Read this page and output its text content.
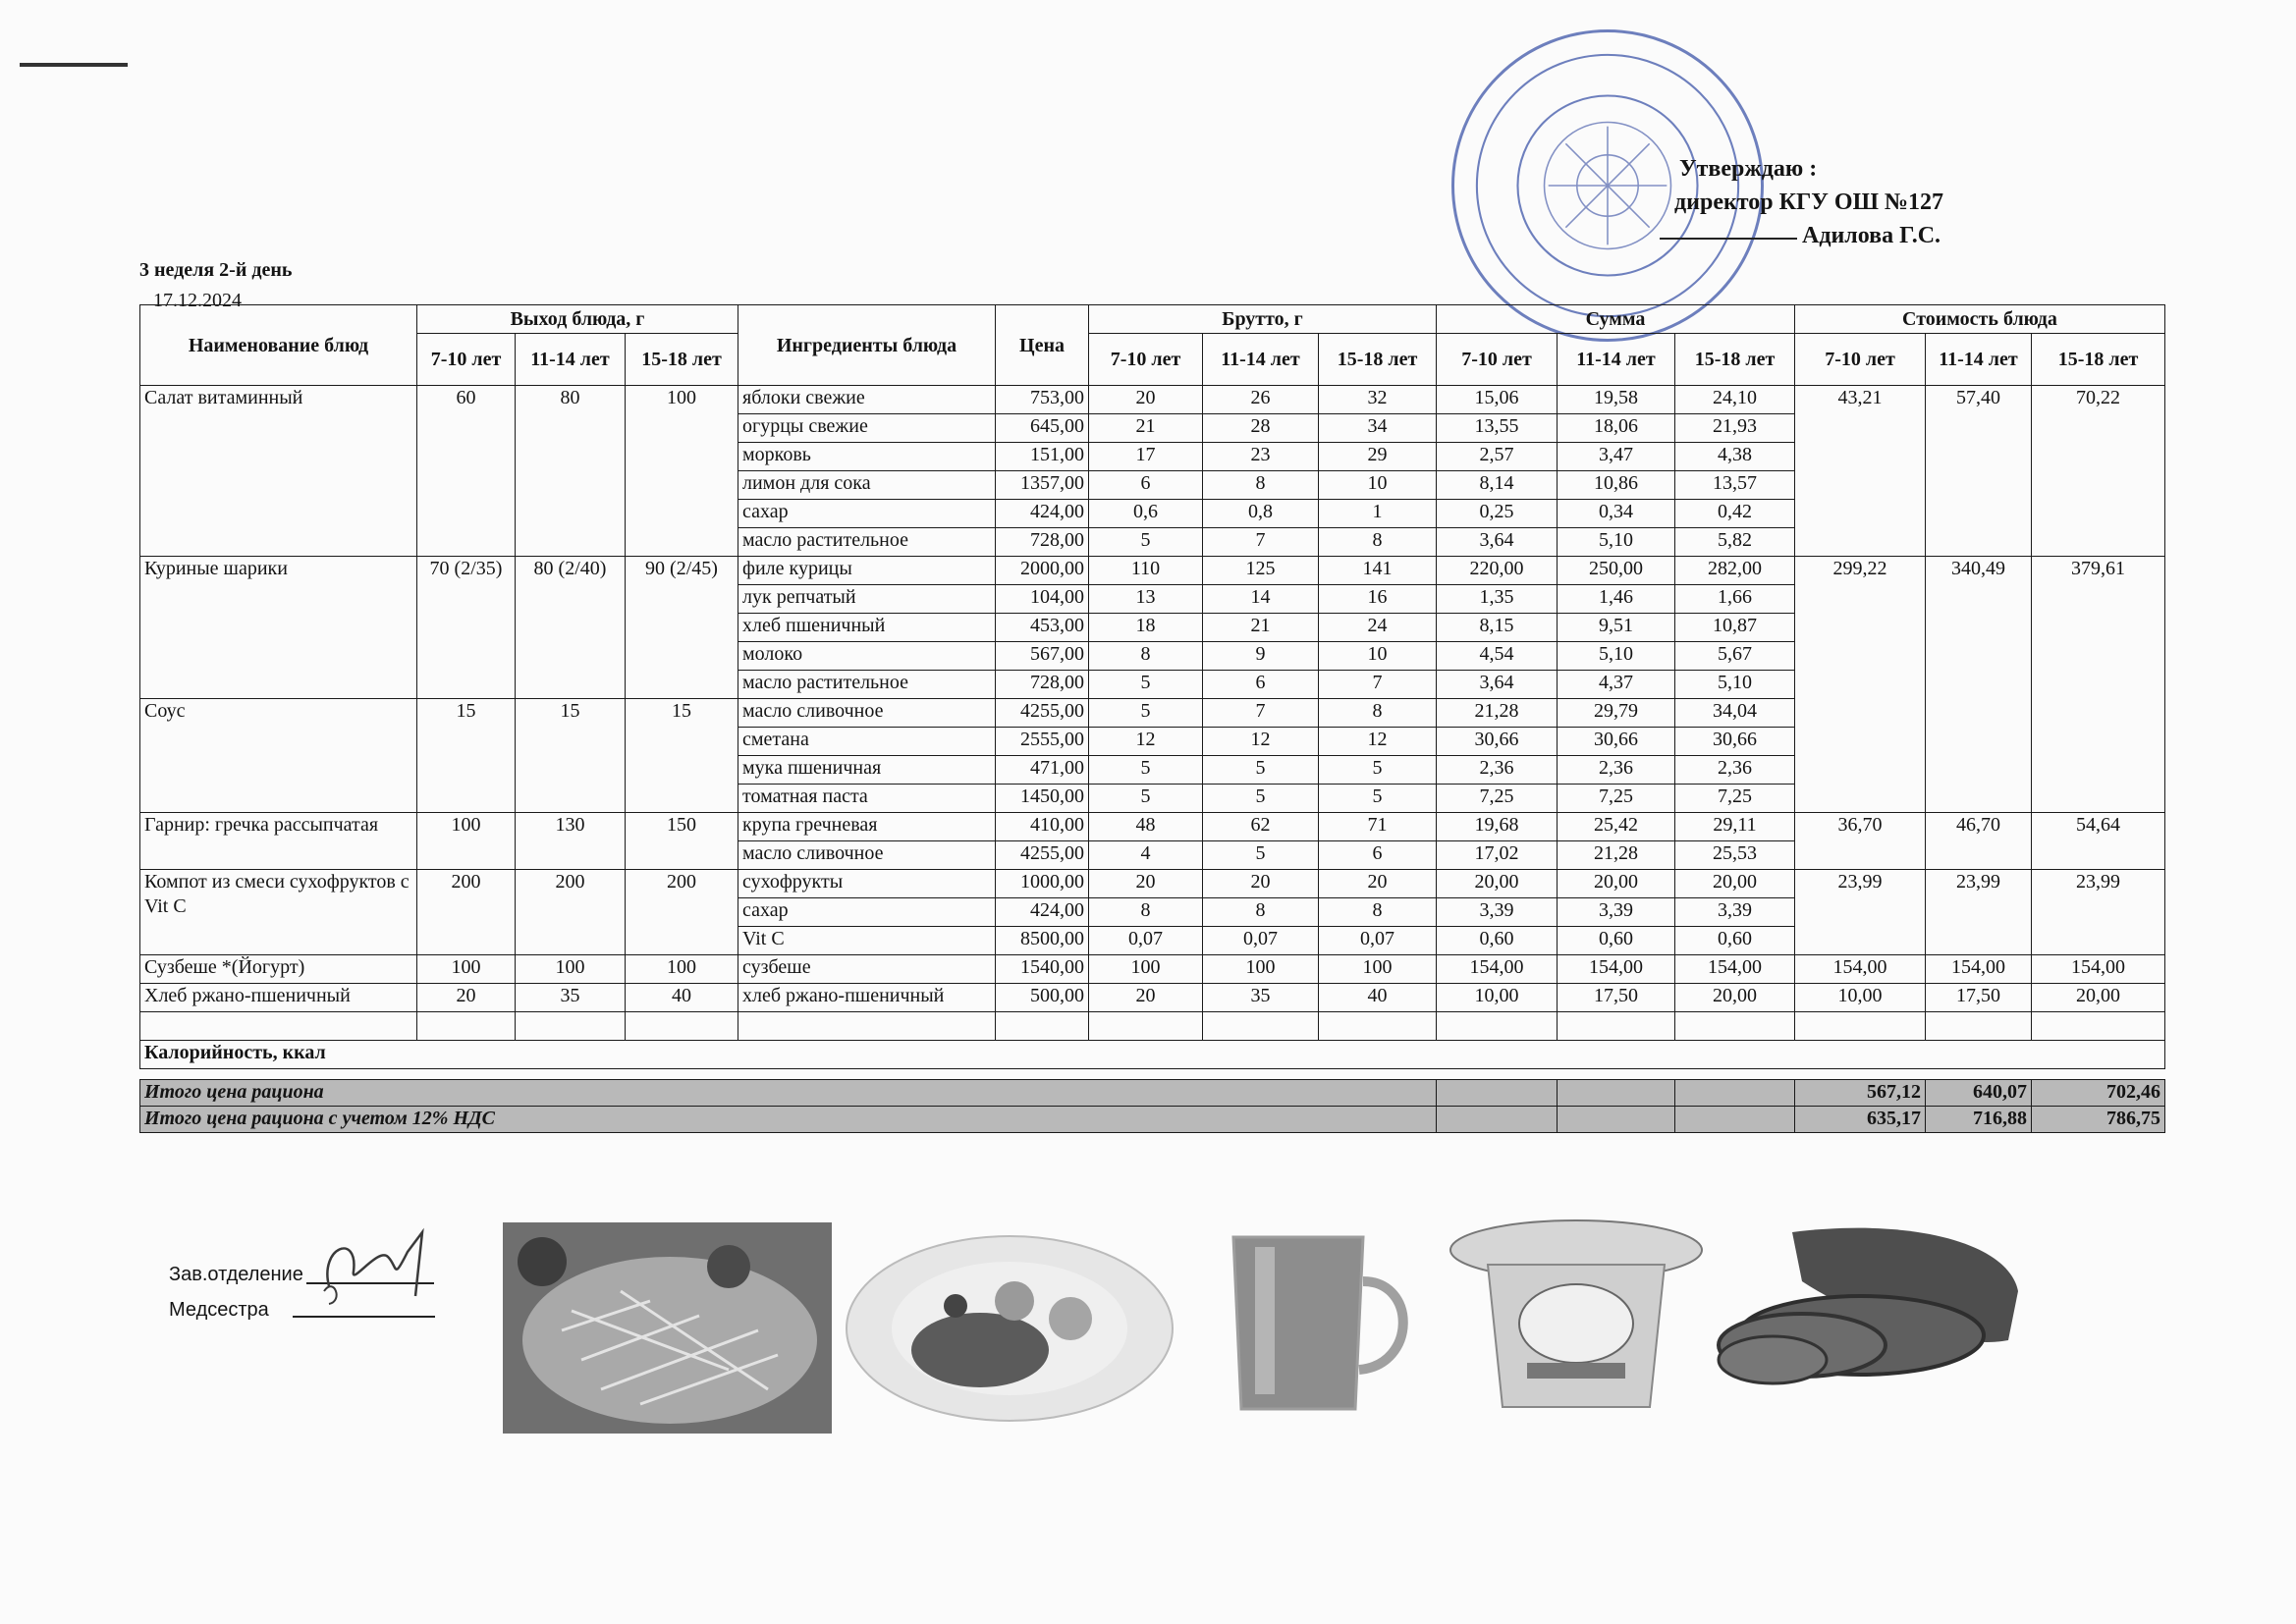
Утверждаю :
директор КГУ ОШ №127
Адилова Г.С.
3 неделя 2-й день
17.12.2024
Наименование блюд	Выход блюда, г			Ингредиенты блюда	Цена	Брутто, г			Сумма			Стоимость блюда		
	7-10 лет	11-14 лет	15-18 лет			7-10 лет	11-14 лет	15-18 лет	7-10 лет	11-14 лет	15-18 лет	7-10 лет	11-14 лет	15-18 лет
Салат витаминный	60	80	100	яблоки свежие	753,00	20	26	32	15,06	19,58	24,10	43,21	57,40	70,22
				огурцы свежие	645,00	21	28	34	13,55	18,06	21,93			
				морковь	151,00	17	23	29	2,57	3,47	4,38			
				лимон для сока	1357,00	6	8	10	8,14	10,86	13,57			
				сахар	424,00	0,6	0,8	1	0,25	0,34	0,42			
				масло растительное	728,00	5	7	8	3,64	5,10	5,82			
Куриные шарики	70 (2/35)	80 (2/40)	90 (2/45)	филе курицы	2000,00	110	125	141	220,00	250,00	282,00	299,22	340,49	379,61
				лук репчатый	104,00	13	14	16	1,35	1,46	1,66			
				хлеб пшеничный	453,00	18	21	24	8,15	9,51	10,87			
				молоко	567,00	8	9	10	4,54	5,10	5,67			
				масло растительное	728,00	5	6	7	3,64	4,37	5,10			
Соус	15	15	15	масло сливочное	4255,00	5	7	8	21,28	29,79	34,04			
				сметана	2555,00	12	12	12	30,66	30,66	30,66			
				мука пшеничная	471,00	5	5	5	2,36	2,36	2,36			
				томатная паста	1450,00	5	5	5	7,25	7,25	7,25			
Гарнир: гречка рассыпчатая	100	130	150	крупа гречневая	410,00	48	62	71	19,68	25,42	29,11	36,70	46,70	54,64
				масло сливочное	4255,00	4	5	6	17,02	21,28	25,53			
Компот из смеси сухофруктов с Vit C	200	200	200	сухофрукты	1000,00	20	20	20	20,00	20,00	20,00	23,99	23,99	23,99
				сахар	424,00	8	8	8	3,39	3,39	3,39			
				Vit C	8500,00	0,07	0,07	0,07	0,60	0,60	0,60			
Сузбеше *(Йогурт)	100	100	100	сузбеше	1540,00	100	100	100	154,00	154,00	154,00	154,00	154,00	154,00
Хлеб ржано-пшеничный	20	35	40	хлеб ржано-пшеничный	500,00	20	35	40	10,00	17,50	20,00	10,00	17,50	20,00

Калорийность, ккал														

Итого цена рациона												567,12	640,07	702,46
Итого цена рациона с учетом 12% НДС												635,17	716,88	786,75
Зав.отделение
Медсестра
